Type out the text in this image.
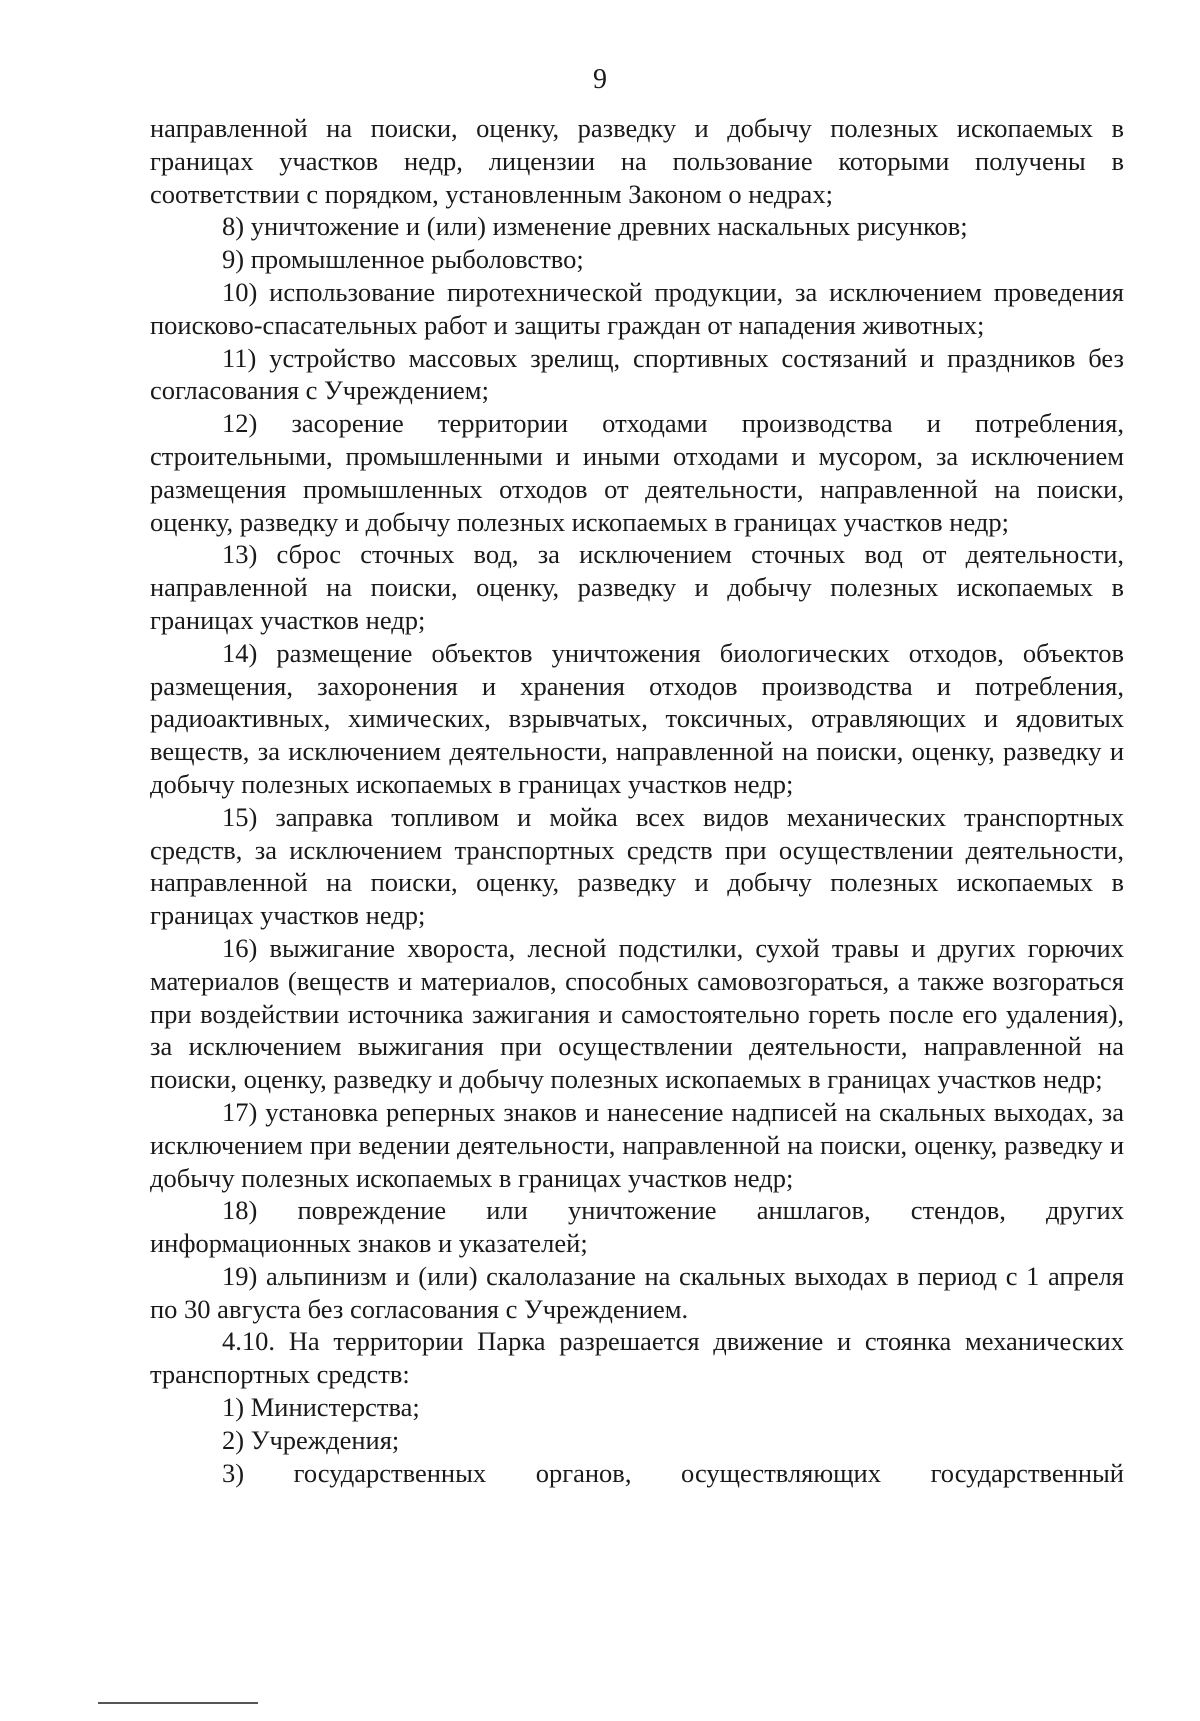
9

направленной на поиски, оценку, разведку и добычу полезных ископаемых в границах участков недр, лицензии на пользование которыми получены в соответствии с порядком, установленным Законом о недрах;

8) уничтожение и (или) изменение древних наскальных рисунков;

9) промышленное рыболовство;

10) использование пиротехнической продукции, за исключением проведения поисково-спасательных работ и защиты граждан от нападения животных;

11) устройство массовых зрелищ, спортивных состязаний и праздников без согласования с Учреждением;

12) засорение территории отходами производства и потребления, строительными, промышленными и иными отходами и мусором, за исключением размещения промышленных отходов от деятельности, направленной на поиски, оценку, разведку и добычу полезных ископаемых в границах участков недр;

13) сброс сточных вод, за исключением сточных вод от деятельности, направленной на поиски, оценку, разведку и добычу полезных ископаемых в границах участков недр;

14) размещение объектов уничтожения биологических отходов, объектов размещения, захоронения и хранения отходов производства и потребления, радиоактивных, химических, взрывчатых, токсичных, отравляющих и ядовитых веществ, за исключением деятельности, направленной на поиски, оценку, разведку и добычу полезных ископаемых в границах участков недр;

15) заправка топливом и мойка всех видов механических транспортных средств, за исключением транспортных средств при осуществлении деятельности, направленной на поиски, оценку, разведку и добычу полезных ископаемых в границах участков недр;

16) выжигание хвороста, лесной подстилки, сухой травы и других горючих материалов (веществ и материалов, способных самовозгораться, а также возгораться при воздействии источника зажигания и самостоятельно гореть после его удаления), за исключением выжигания при осуществлении деятельности, направленной на поиски, оценку, разведку и добычу полезных ископаемых в границах участков недр;

17) установка реперных знаков и нанесение надписей на скальных выходах, за исключением при ведении деятельности, направленной на поиски, оценку, разведку и добычу полезных ископаемых в границах участков недр;

18) повреждение или уничтожение аншлагов, стендов, других информационных знаков и указателей;

19) альпинизм и (или) скалолазание на скальных выходах в период с 1 апреля по 30 августа без согласования с Учреждением.

4.10. На территории Парка разрешается движение и стоянка механических транспортных средств:

1) Министерства;

2) Учреждения;

3) государственных органов, осуществляющих государственный
